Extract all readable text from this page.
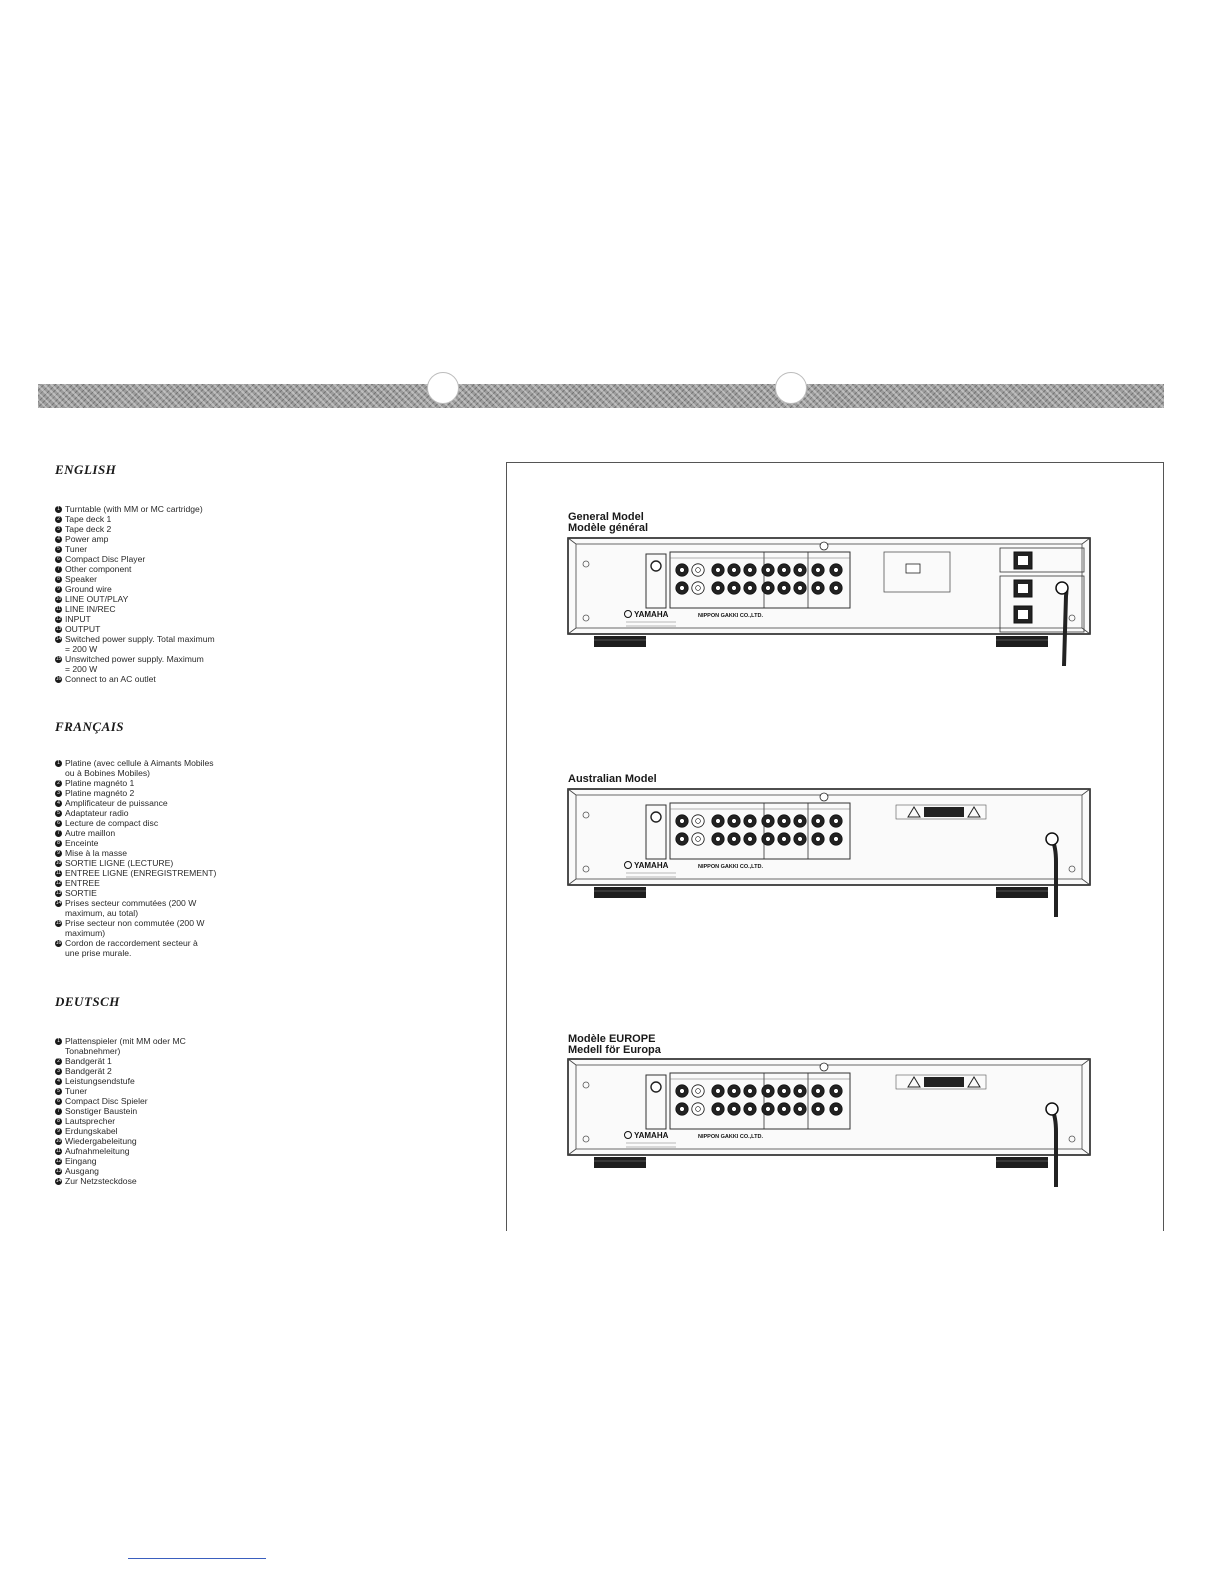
ENGLISH
1 Turntable (with MM or MC cartridge)
2 Tape deck 1
3 Tape deck 2
4 Power amp
5 Tuner
6 Compact Disc Player
7 Other component
8 Speaker
9 Ground wire
10 LINE OUT/PLAY
11 LINE IN/REC
12 INPUT
13 OUTPUT
14 Switched power supply. Total maximum
= 200 W
15 Unswitched power supply. Maximum
= 200 W
16 Connect to an AC outlet
FRANÇAIS
1 Platine (avec cellule à Aimants Mobiles
ou à Bobines Mobiles)
2 Platine magnéto 1
3 Platine magnéto 2
4 Amplificateur de puissance
5 Adaptateur radio
6 Lecture de compact disc
7 Autre maillon
8 Enceinte
9 Mise à la masse
10 SORTIE LIGNE (LECTURE)
11 ENTREE LIGNE (ENREGISTREMENT)
12 ENTREE
13 SORTIE
14 Prises secteur commutées (200 W
maximum, au total)
15 Prise secteur non commutée (200 W
maximum)
16 Cordon de raccordement secteur à
une prise murale.
DEUTSCH
1 Plattenspieler (mit MM oder MC
Tonabnehmer)
2 Bandgerät 1
3 Bandgerät 2
4 Leistungsendstufe
5 Tuner
6 Compact Disc Spieler
7 Sonstiger Baustein
8 Lautsprecher
9 Erdungskabel
10 Wiedergabeleitung
11 Aufnahmeleitung
12 Eingang
13 Ausgang
14 Zur Netzsteckdose
General Model
Modèle général
YAMAHA	NIPPON GAKKI CO.,LTD.
Australian Model
YAMAHA	NIPPON GAKKI CO.,LTD.
Modèle EUROPE
Medell för Europa
YAMAHA	NIPPON GAKKI CO.,LTD.
